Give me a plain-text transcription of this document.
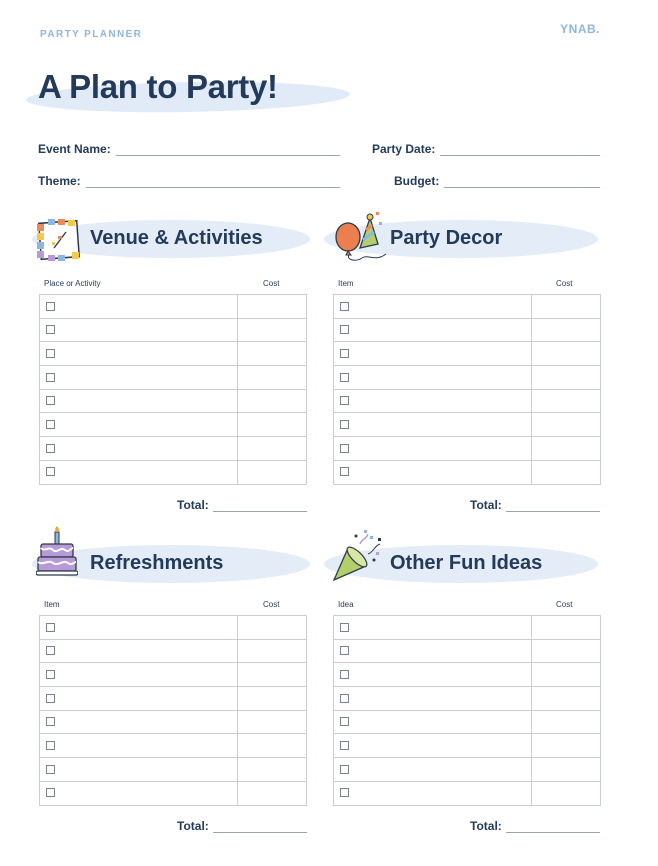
PARTY PLANNER	YNAB.
A Plan to Party!
Event Name:	Party Date:
Theme:	Budget:
Venue & Activities	Party Decor
Refreshments	Other Fun Ideas
Place or Activity	Cost	Item	Cost
Item	Cost	Idea	Cost

Total:	Total:
Total:	Total:
